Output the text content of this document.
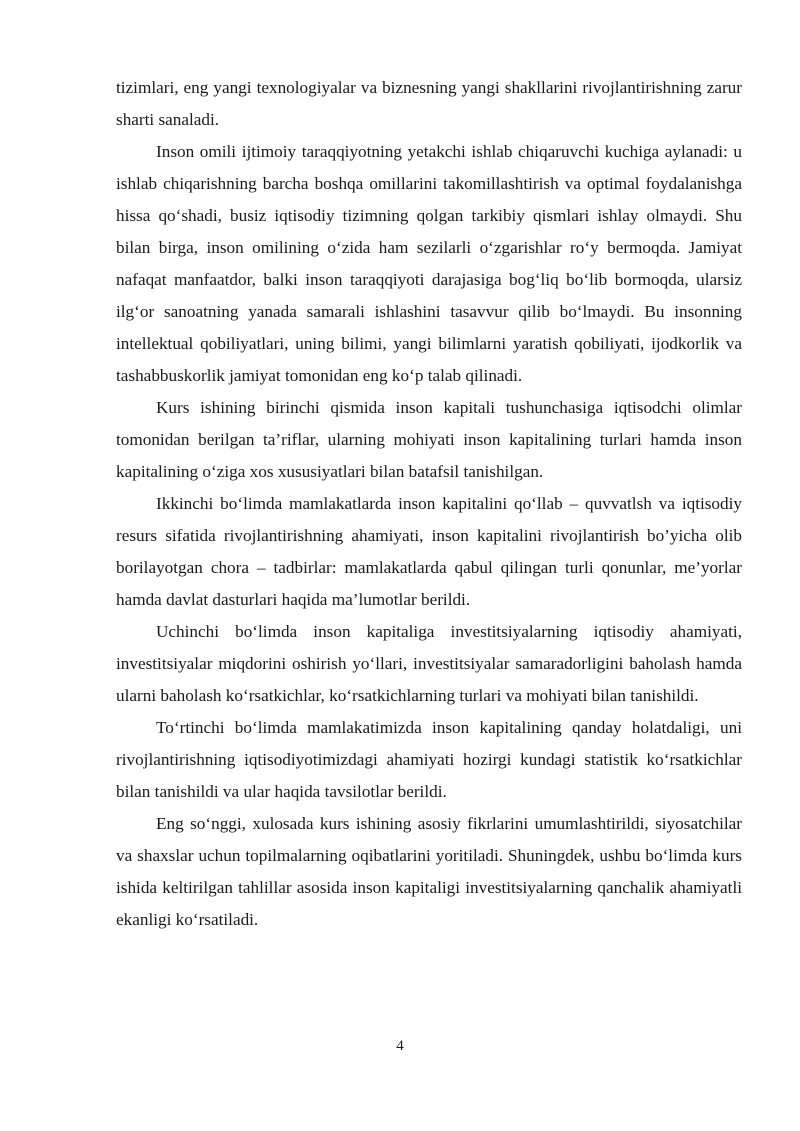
tizimlari, eng yangi texnologiyalar va biznesning yangi shakllarini rivojlantirishning zarur sharti sanaladi.

Inson omili ijtimoiy taraqqiyotning yetakchi ishlab chiqaruvchi kuchiga aylanadi: u ishlab chiqarishning barcha boshqa omillarini takomillashtirish va optimal foydalanishga hissa qo‘shadi, busiz iqtisodiy tizimning qolgan tarkibiy qismlari ishlay olmaydi. Shu bilan birga, inson omilining o‘zida ham sezilarli o‘zgarishlar ro‘y bermoqda. Jamiyat nafaqat manfaatdor, balki inson taraqqiyoti darajasiga bog‘liq bo‘lib bormoqda, ularsiz ilg‘or sanoatning yanada samarali ishlashini tasavvur qilib bo‘lmaydi. Bu insonning intellektual qobiliyatlari, uning bilimi, yangi bilimlarni yaratish qobiliyati, ijodkorlik va tashabbuskorlik jamiyat tomonidan eng ko‘p talab qilinadi.

Kurs ishining birinchi qismida inson kapitali tushunchasiga iqtisodchi olimlar tomonidan berilgan ta’riflar, ularning mohiyati inson kapitalining turlari hamda inson kapitalining o‘ziga xos xususiyatlari bilan batafsil tanishilgan.

Ikkinchi bo‘limda mamlakatlarda inson kapitalini qo‘llab – quvvatlsh va iqtisodiy resurs sifatida rivojlantirishning ahamiyati, inson kapitalini rivojlantirish bo’yicha olib borilayotgan chora – tadbirlar: mamlakatlarda qabul qilingan turli qonunlar, me’yorlar hamda davlat dasturlari haqida ma’lumotlar berildi.

Uchinchi bo‘limda inson kapitaliga investitsiyalarning iqtisodiy ahamiyati, investitsiyalar miqdorini oshirish yo‘llari, investitsiyalar samaradorligini baholash hamda ularni baholash ko‘rsatkichlar, ko‘rsatkichlarning turlari va mohiyati bilan tanishildi.

To‘rtinchi bo‘limda mamlakatimizda inson kapitalining qanday holatdaligi, uni rivojlantirishning iqtisodiyotimizdagi ahamiyati hozirgi kundagi statistik ko‘rsatkichlar bilan tanishildi va ular haqida tavsilotlar berildi.

Eng so‘nggi, xulosada kurs ishining asosiy fikrlarini umumlashtirildi, siyosatchilar va shaxslar uchun topilmalarning oqibatlarini yoritiladi. Shuningdek, ushbu bo‘limda kurs ishida keltirilgan tahlillar asosida inson kapitaligi investitsiyalarning qanchalik ahamiyatli ekanligi ko‘rsatiladi.

4
